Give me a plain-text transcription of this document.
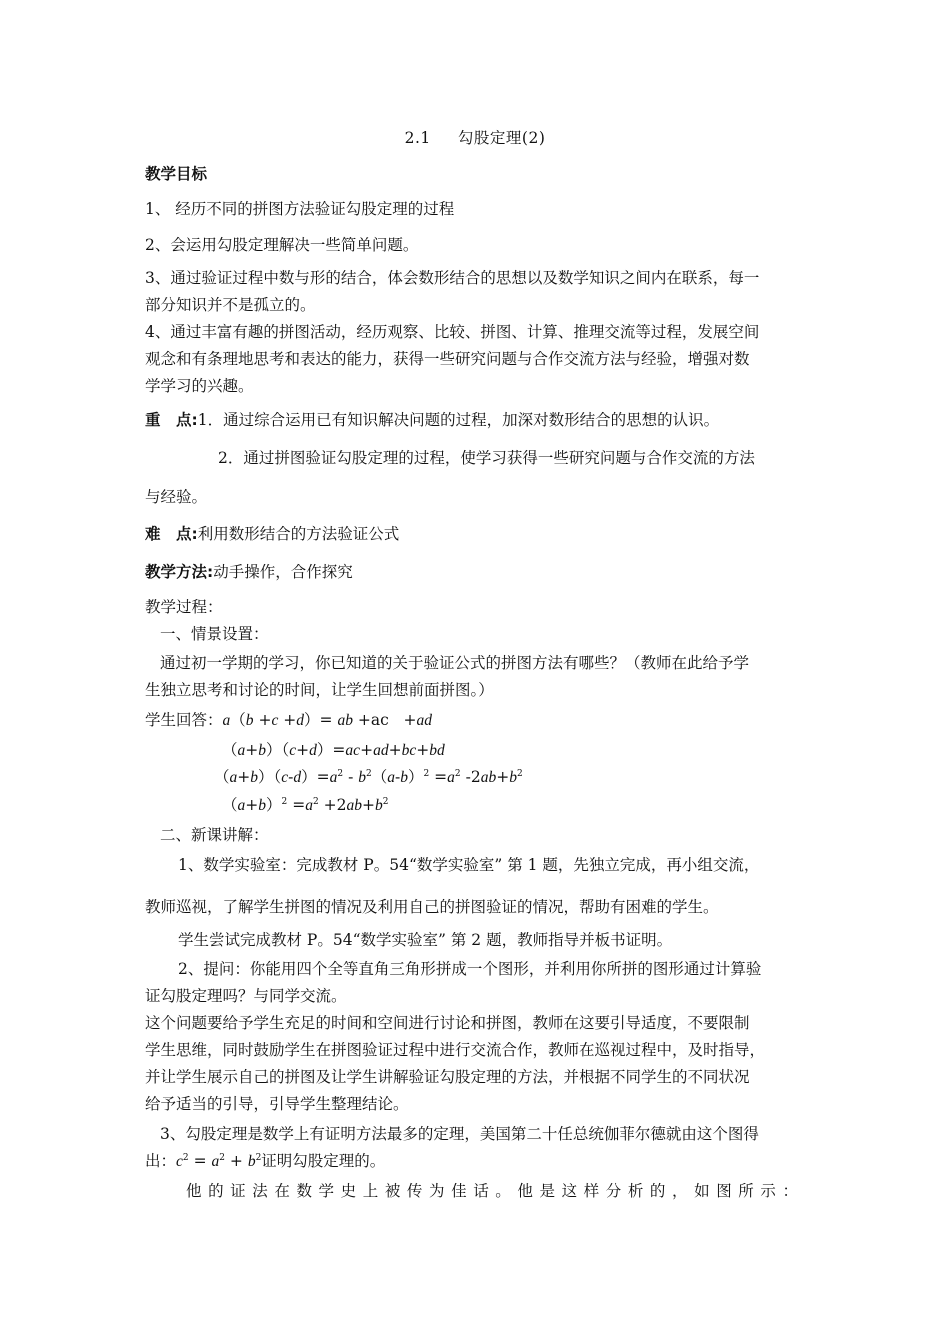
2.1 勾股定理(2)
教学目标
1、 经历不同的拼图方法验证勾股定理的过程
2、会运用勾股定理解决一些简单问题。
3、通过验证过程中数与形的结合，体会数形结合的思想以及数学知识之间内在联系，每一
部分知识并不是孤立的。
4、通过丰富有趣的拼图活动，经历观察、比较、拼图、计算、推理交流等过程，发展空间
观念和有条理地思考和表达的能力，获得一些研究问题与合作交流方法与经验，增强对数
学学习的兴趣。
重　点:1．通过综合运用已有知识解决问题的过程，加深对数形结合的思想的认识。
2．通过拼图验证勾股定理的过程，使学习获得一些研究问题与合作交流的方法
与经验。
难　点:利用数形结合的方法验证公式
教学方法:动手操作，合作探究
教学过程：
一、情景设置：
通过初一学期的学习，你已知道的关于验证公式的拼图方法有哪些？（教师在此给予学
生独立思考和讨论的时间，让学生回想前面拼图。）
学生回答：a（b +c +d）= ab +ac   +ad
（a+b）（c+d）=ac+ad+bc+bd
$(a+b)(c-d)=a^2 - b^2(a-b)^2 =a^2$ $-2ab+b^2$
$(a+b)^2 =a^2 +2ab+b^2$
二、新课讲解：
1、数学实验室：完成教材 P。54“数学实验室” 第 1 题，先独立完成，再小组交流，
教师巡视，了解学生拼图的情况及利用自己的拼图验证的情况，帮助有困难的学生。
学生尝试完成教材 P。54“数学实验室” 第 2 题，教师指导并板书证明。
2、提问：你能用四个全等直角三角形拼成一个图形，并利用你所拼的图形通过计算验
证勾股定理吗？与同学交流。
这个问题要给予学生充足的时间和空间进行讨论和拼图，教师在这要引导适度，不要限制
学生思维，同时鼓励学生在拼图验证过程中进行交流合作，教师在巡视过程中，及时指导，
并让学生展示自己的拼图及让学生讲解验证勾股定理的方法，并根据不同学生的不同状况
给予适当的引导，引导学生整理结论。
3、勾股定理是数学上有证明方法最多的定理，美国第二十任总统伽菲尔德就由这个图得
出：$c^2 = a^2 + b^2$证明勾股定理的。
他的证法在数学史上被传为佳话。他是这样分析的，如图所示：
